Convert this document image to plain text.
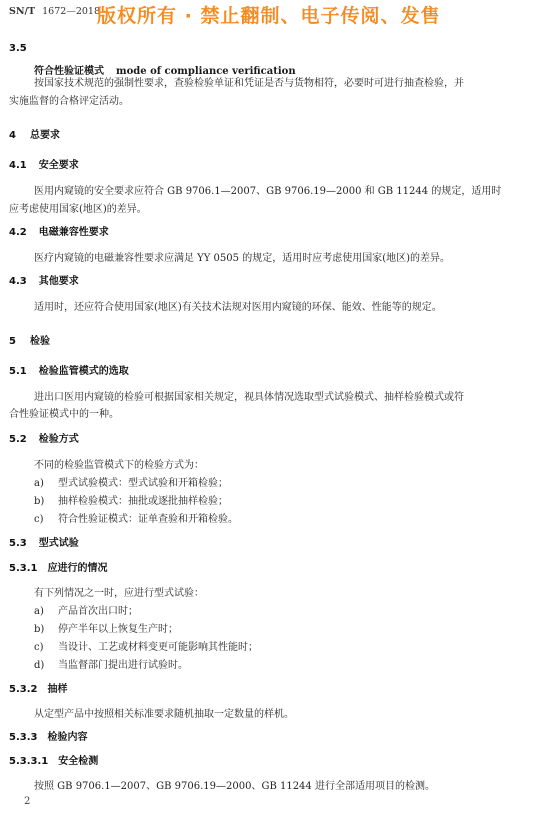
SN/T 1672—2018
版权所有 · 禁止翻制、电子传阅、发售
3.5
符合性验证模式 mode of compliance verification
按国家技术规范的强制性要求，查验检验单证和凭证是否与货物相符，必要时可进行抽查检验，并
实施监督的合格评定活动。
4 总要求
4.1 安全要求
医用内窥镜的安全要求应符合 GB 9706.1—2007、GB 9706.19—2000 和 GB 11244 的规定，适用时
应考虑使用国家(地区)的差异。
4.2 电磁兼容性要求
医疗内窥镜的电磁兼容性要求应满足 YY 0505 的规定，适用时应考虑使用国家(地区)的差异。
4.3 其他要求
适用时，还应符合使用国家(地区)有关技术法规对医用内窥镜的环保、能效、性能等的规定。
5 检验
5.1 检验监管模式的选取
进出口医用内窥镜的检验可根据国家相关规定，视具体情况选取型式试验模式、抽样检验模式或符
合性验证模式中的一种。
5.2 检验方式
不同的检验监管模式下的检验方式为：
a) 型式试验模式：型式试验和开箱检验；
b) 抽样检验模式：抽批或逐批抽样检验；
c) 符合性验证模式：证单查验和开箱检验。
5.3 型式试验
5.3.1 应进行的情况
有下列情况之一时，应进行型式试验：
a) 产品首次出口时；
b) 停产半年以上恢复生产时；
c) 当设计、工艺或材料变更可能影响其性能时；
d) 当监督部门提出进行试验时。
5.3.2 抽样
从定型产品中按照相关标准要求随机抽取一定数量的样机。
5.3.3 检验内容
5.3.3.1 安全检测
按照 GB 9706.1—2007、GB 9706.19—2000、GB 11244 进行全部适用项目的检测。
2
